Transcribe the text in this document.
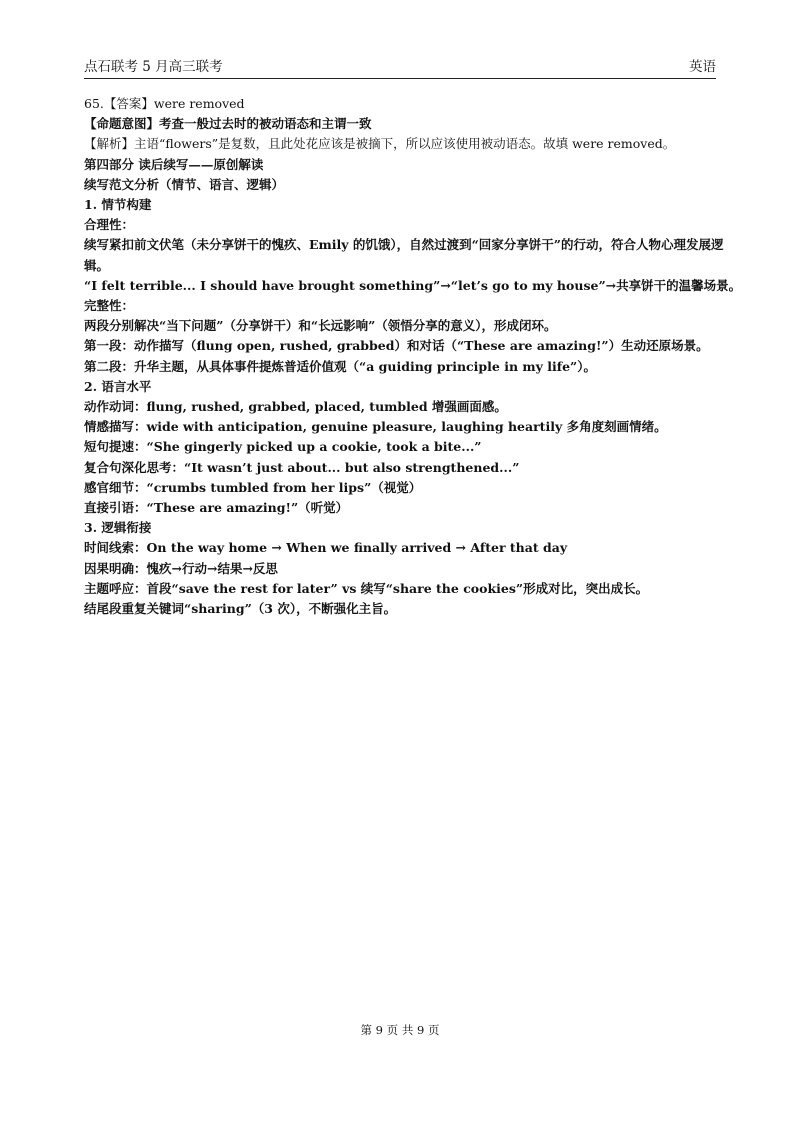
点石联考 5 月高三联考	英语
65.【答案】were removed
【命题意图】考查一般过去时的被动语态和主谓一致
【解析】主语“flowers”是复数，且此处花应该是被摘下，所以应该使用被动语态。故填 were removed。
第四部分 读后续写——原创解读
续写范文分析（情节、语言、逻辑）
1. 情节构建
合理性：
续写紧扣前文伏笔（未分享饼干的愧疚、Emily 的饥饿），自然过渡到“回家分享饼干”的行动，符合人物心理发展逻辑。
“I felt terrible... I should have brought something”→“let’s go to my house”→共享饼干的温馨场景。
完整性：
两段分别解决“当下问题”（分享饼干）和“长远影响”（领悟分享的意义），形成闭环。
第一段：动作描写（flung open, rushed, grabbed）和对话（“These are amazing!”）生动还原场景。
第二段：升华主题，从具体事件提炼普适价值观（“a guiding principle in my life”）。
2. 语言水平
动作动词：flung, rushed, grabbed, placed, tumbled 增强画面感。
情感描写：wide with anticipation, genuine pleasure, laughing heartily 多角度刻画情绪。
短句提速：“She gingerly picked up a cookie, took a bite...”
复合句深化思考：“It wasn’t just about... but also strengthened...”
感官细节：“crumbs tumbled from her lips”（视觉）
直接引语：“These are amazing!”（听觉）
3. 逻辑衔接
时间线索：On the way home → When we finally arrived → After that day
因果明确：愧疚→行动→结果→反思
主题呼应：首段“save the rest for later” vs 续写“share the cookies”形成对比，突出成长。
结尾段重复关键词“sharing”（3 次），不断强化主旨。
第 9 页 共 9 页
